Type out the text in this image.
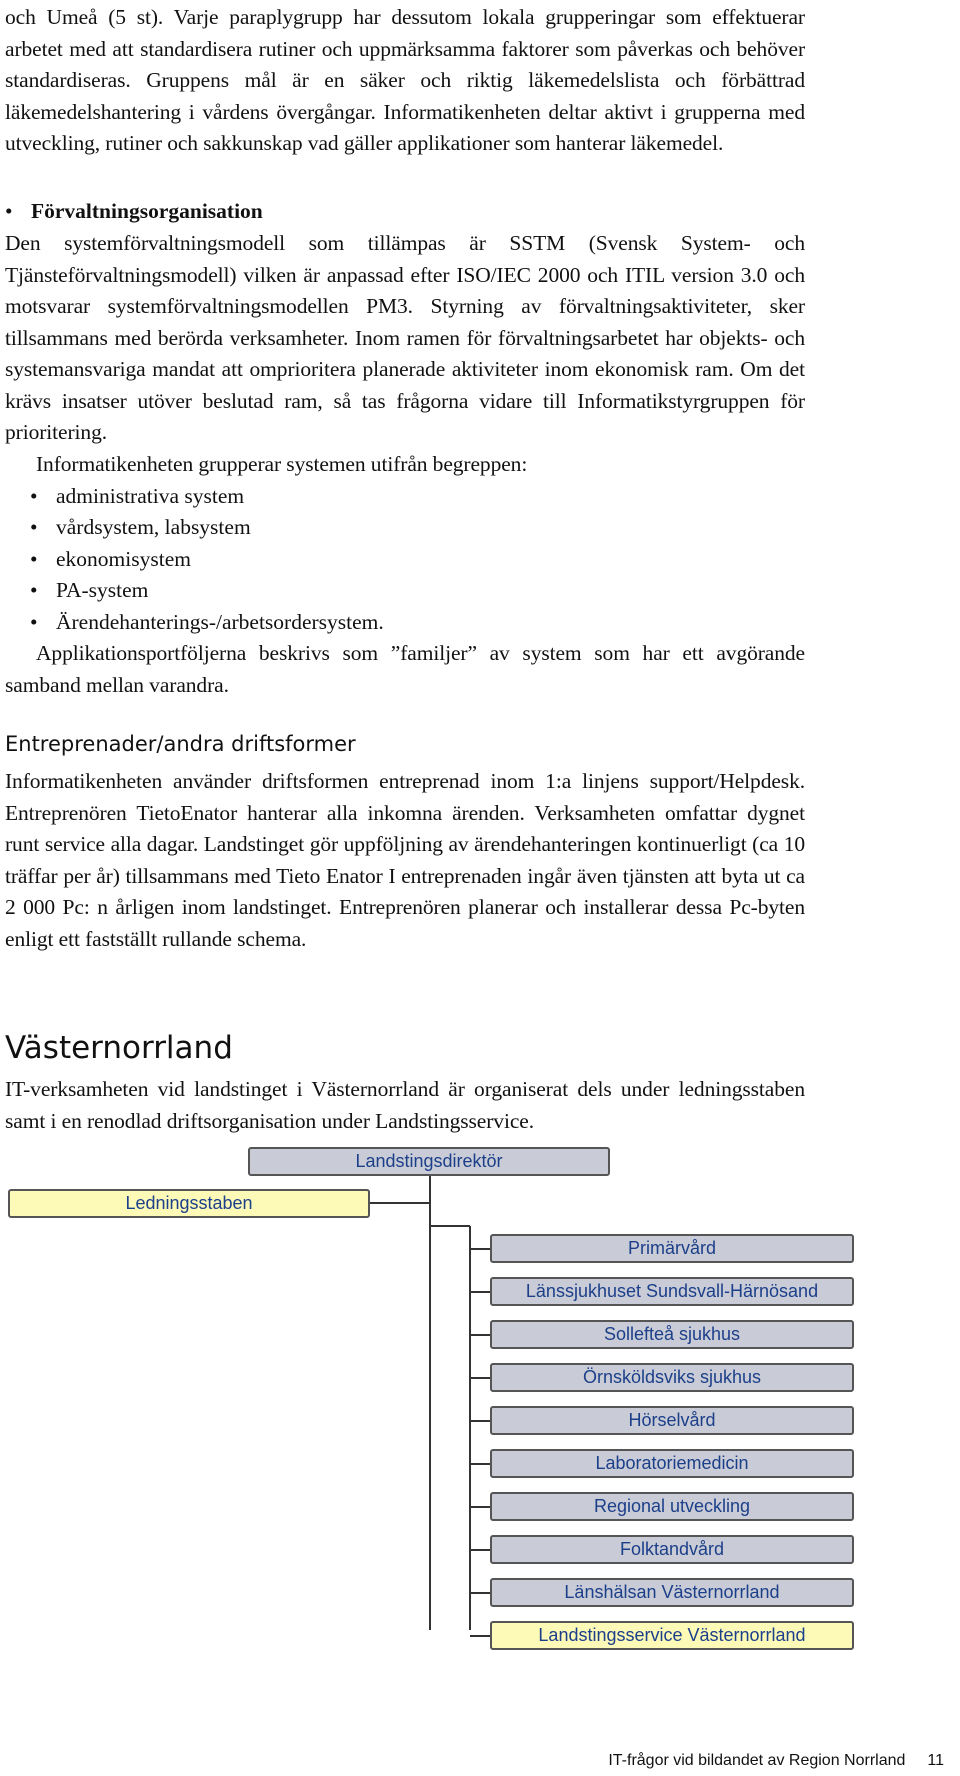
och Umeå (5 st). Varje paraplygrupp har dessutom lokala grupperingar som effektuerar arbetet med att standardisera rutiner och uppmärksamma faktorer som påverkas och behöver standardiseras. Gruppens mål är en säker och riktig läkemedelslista och förbättrad läkemedelshantering i vårdens övergångar. Informatikenheten deltar aktivt i grupperna med utveckling, rutiner och sakkunskap vad gäller applikationer som hanterar läkemedel.

• Förvaltningsorganisation

Den systemförvaltningsmodell som tillämpas är SSTM (Svensk System- och Tjänsteförvaltningsmodell) vilken är anpassad efter ISO/IEC 2000 och ITIL version 3.0 och motsvarar systemförvaltningsmodellen PM3. Styrning av förvaltningsaktiviteter, sker tillsammans med berörda verksamheter. Inom ramen för förvaltningsarbetet har objekts- och systemansvariga mandat att omprioritera planerade aktiviteter inom ekonomisk ram. Om det krävs insatser utöver beslutad ram, så tas frågorna vidare till Informatikstyrgruppen för prioritering.

Informatikenheten grupperar systemen utifrån begreppen:

• administrativa system
• vårdsystem, labsystem
• ekonomisystem
• PA-system
• Ärendehanterings-/arbetsordersystem.

Applikationsportföljerna beskrivs som ”familjer” av system som har ett avgörande samband mellan varandra.

Entreprenader/andra driftsformer

Informatikenheten använder driftsformen entreprenad inom 1:a linjens support/Helpdesk. Entreprenören TietoEnator hanterar alla inkomna ärenden. Verksamheten omfattar dygnet runt service alla dagar. Landstinget gör uppföljning av ärendehanteringen kontinuerligt (ca 10 träffar per år) tillsammans med Tieto Enator I entreprenaden ingår även tjänsten att byta ut ca 2 000 Pc: n årligen inom landstinget. Entreprenören planerar och installerar dessa Pc-byten enligt ett fastställt rullande schema.

Västernorrland

IT-verksamheten vid landstinget i Västernorrland är organiserat dels under ledningsstaben samt i en renodlad driftsorganisation under Landstingsservice.

Landstingsdirektör
Ledningsstaben
Primärvård
Länssjukhuset Sundsvall-Härnösand
Sollefteå sjukhus
Örnsköldsviks sjukhus
Hörselvård
Laboratoriemedicin
Regional utveckling
Folktandvård
Länshälsan Västernorrland
Landstingsservice Västernorrland
IT-frågor vid bildandet av Region Norrland 11
